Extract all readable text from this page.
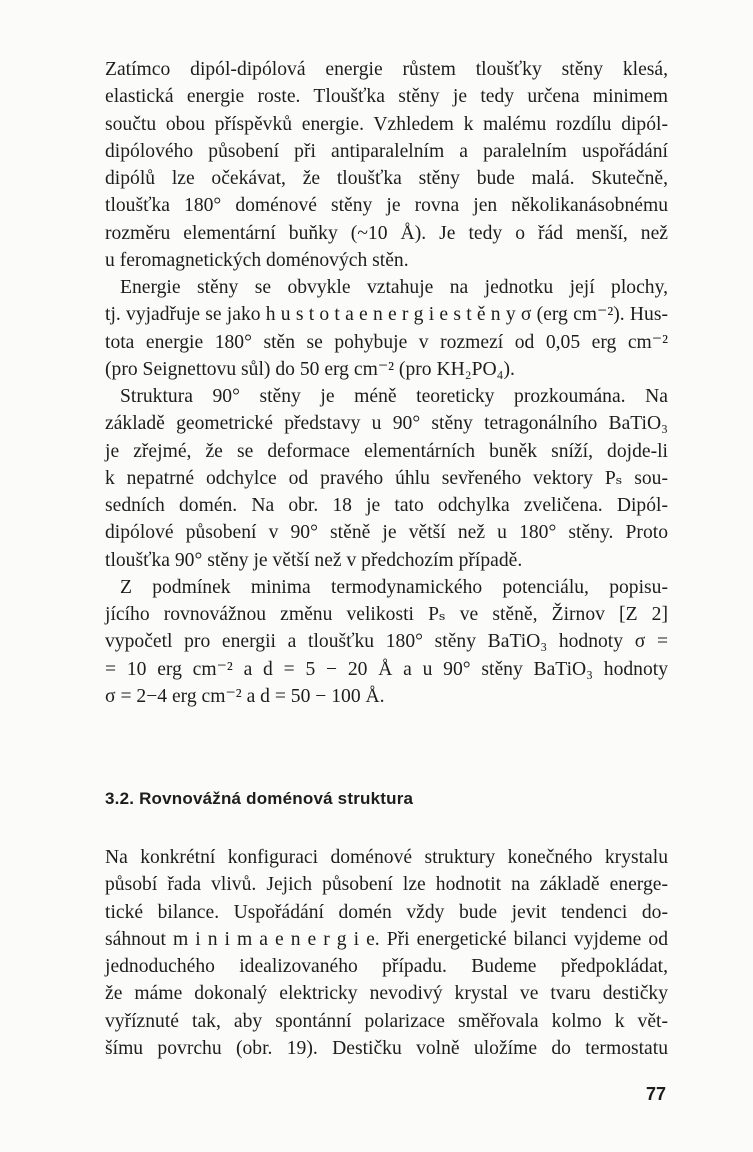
Zatímco dipól-dipólová energie růstem tloušťky stěny klesá,
elastická energie roste. Tloušťka stěny je tedy určena minimem
součtu obou příspěvků energie. Vzhledem k malému rozdílu dipól-
dipólového působení při antiparalelním a paralelním uspořádání
dipólů lze očekávat, že tloušťka stěny bude malá. Skutečně,
tloušťka 180° doménové stěny je rovna jen několikanásobnému
rozměru elementární buňky (~10 Å). Je tedy o řád menší, než
u feromagnetických doménových stěn.
Energie stěny se obvykle vztahuje na jednotku její plochy,
tj. vyjadřuje se jako h u s t o t a e n e r g i e s t ě n y σ (erg cm⁻²). Hus-
tota energie 180° stěn se pohybuje v rozmezí od 0,05 erg cm⁻²
(pro Seignettovu sůl) do 50 erg cm⁻² (pro KH₂PO₄).
Struktura 90° stěny je méně teoreticky prozkoumána. Na
základě geometrické představy u 90° stěny tetragonálního BaTiO₃
je zřejmé, že se deformace elementárních buněk sníží, dojde-li
k nepatrné odchylce od pravého úhlu sevřeného vektory Pₛ sou-
sedních domén. Na obr. 18 je tato odchylka zveličena. Dipól-
dipólové působení v 90° stěně je větší než u 180° stěny. Proto
tloušťka 90° stěny je větší než v předchozím případě.
Z podmínek minima termodynamického potenciálu, popisu-
jícího rovnovážnou změnu velikosti Pₛ ve stěně, Žirnov [Z 2]
vypočetl pro energii a tloušťku 180° stěny BaTiO₃ hodnoty σ =
= 10 erg cm⁻² a d = 5 − 20 Å a u 90° stěny BaTiO₃ hodnoty
σ = 2−4 erg cm⁻² a d = 50 − 100 Å.
3.2. Rovnovážná doménová struktura
Na konkrétní konfiguraci doménové struktury konečného krystalu
působí řada vlivů. Jejich působení lze hodnotit na základě energe-
tické bilance. Uspořádání domén vždy bude jevit tendenci do-
sáhnout m i n i m a e n e r g i e. Při energetické bilanci vyjdeme od
jednoduchého idealizovaného případu. Budeme předpokládat,
že máme dokonalý elektricky nevodivý krystal ve tvaru destičky
vyříznuté tak, aby spontánní polarizace směřovala kolmo k vět-
šímu povrchu (obr. 19). Destičku volně uložíme do termostatu
77
